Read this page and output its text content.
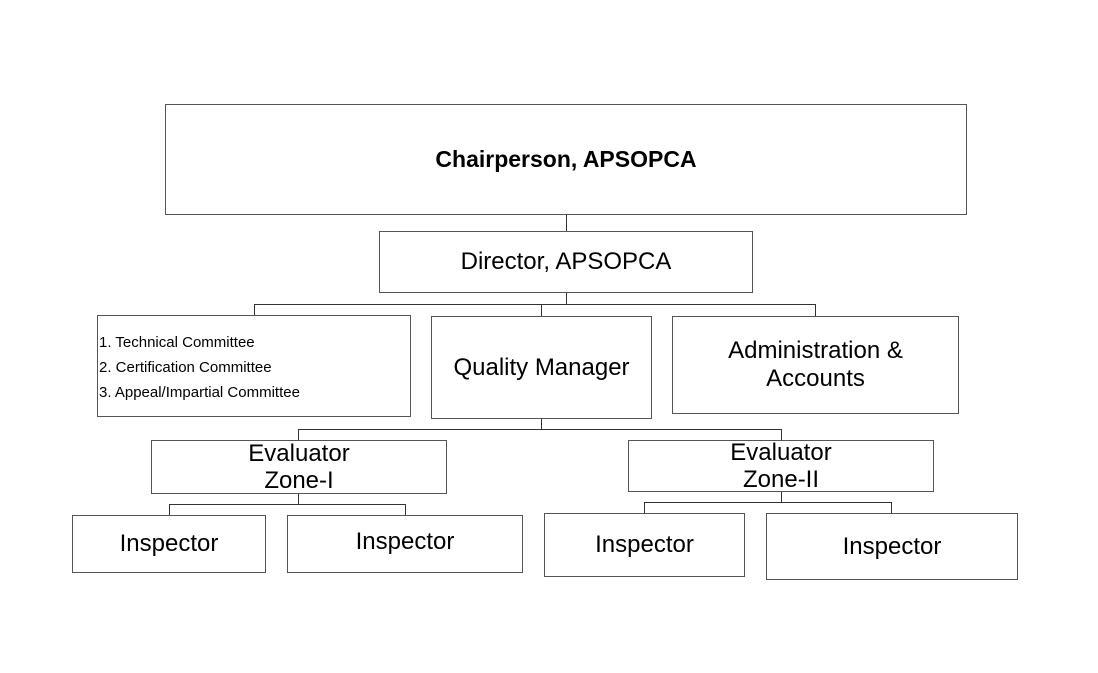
Chairperson, APSOPCA
Director, APSOPCA
1. Technical Committee
2. Certification Committee
3. Appeal/Impartial Committee
Quality Manager
Administration &
Accounts
Evaluator
Zone-I
Evaluator
Zone-II
Inspector	Inspector	Inspector	Inspector
